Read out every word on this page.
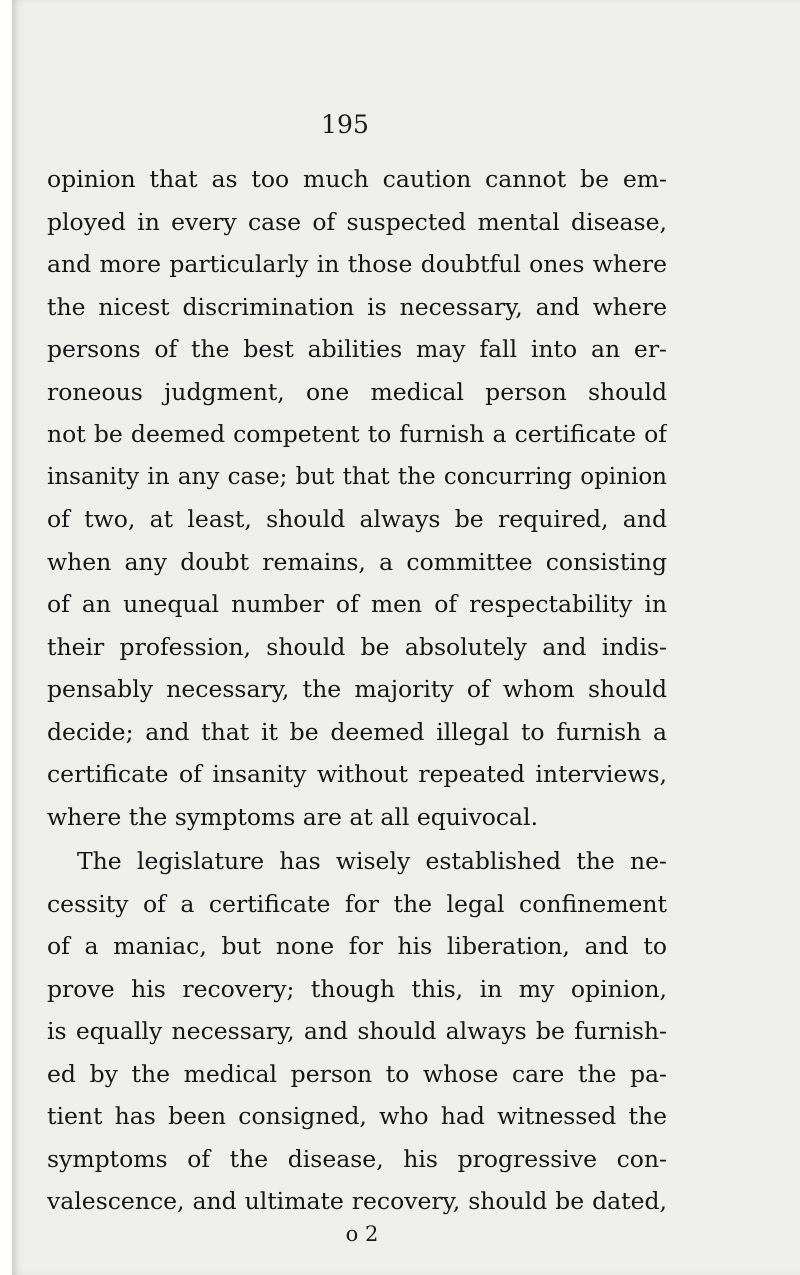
195
opinion that as too much caution cannot be em-
ployed in every case of suspected mental disease,
and more particularly in those doubtful ones where
the nicest discrimination is necessary, and where
persons of the best abilities may fall into an er-
roneous judgment, one medical person should
not be deemed competent to furnish a certificate of
insanity in any case; but that the concurring opinion
of two, at least, should always be required, and
when any doubt remains, a committee consisting
of an unequal number of men of respectability in
their profession, should be absolutely and indis-
pensably necessary, the majority of whom should
decide; and that it be deemed illegal to furnish a
certificate of insanity without repeated interviews,
where the symptoms are at all equivocal.
The legislature has wisely established the ne-
cessity of a certificate for the legal confinement
of a maniac, but none for his liberation, and to
prove his recovery; though this, in my opinion,
is equally necessary, and should always be furnish-
ed by the medical person to whose care the pa-
tient has been consigned, who had witnessed the
symptoms of the disease, his progressive con-
valescence, and ultimate recovery, should be dated,
o 2
